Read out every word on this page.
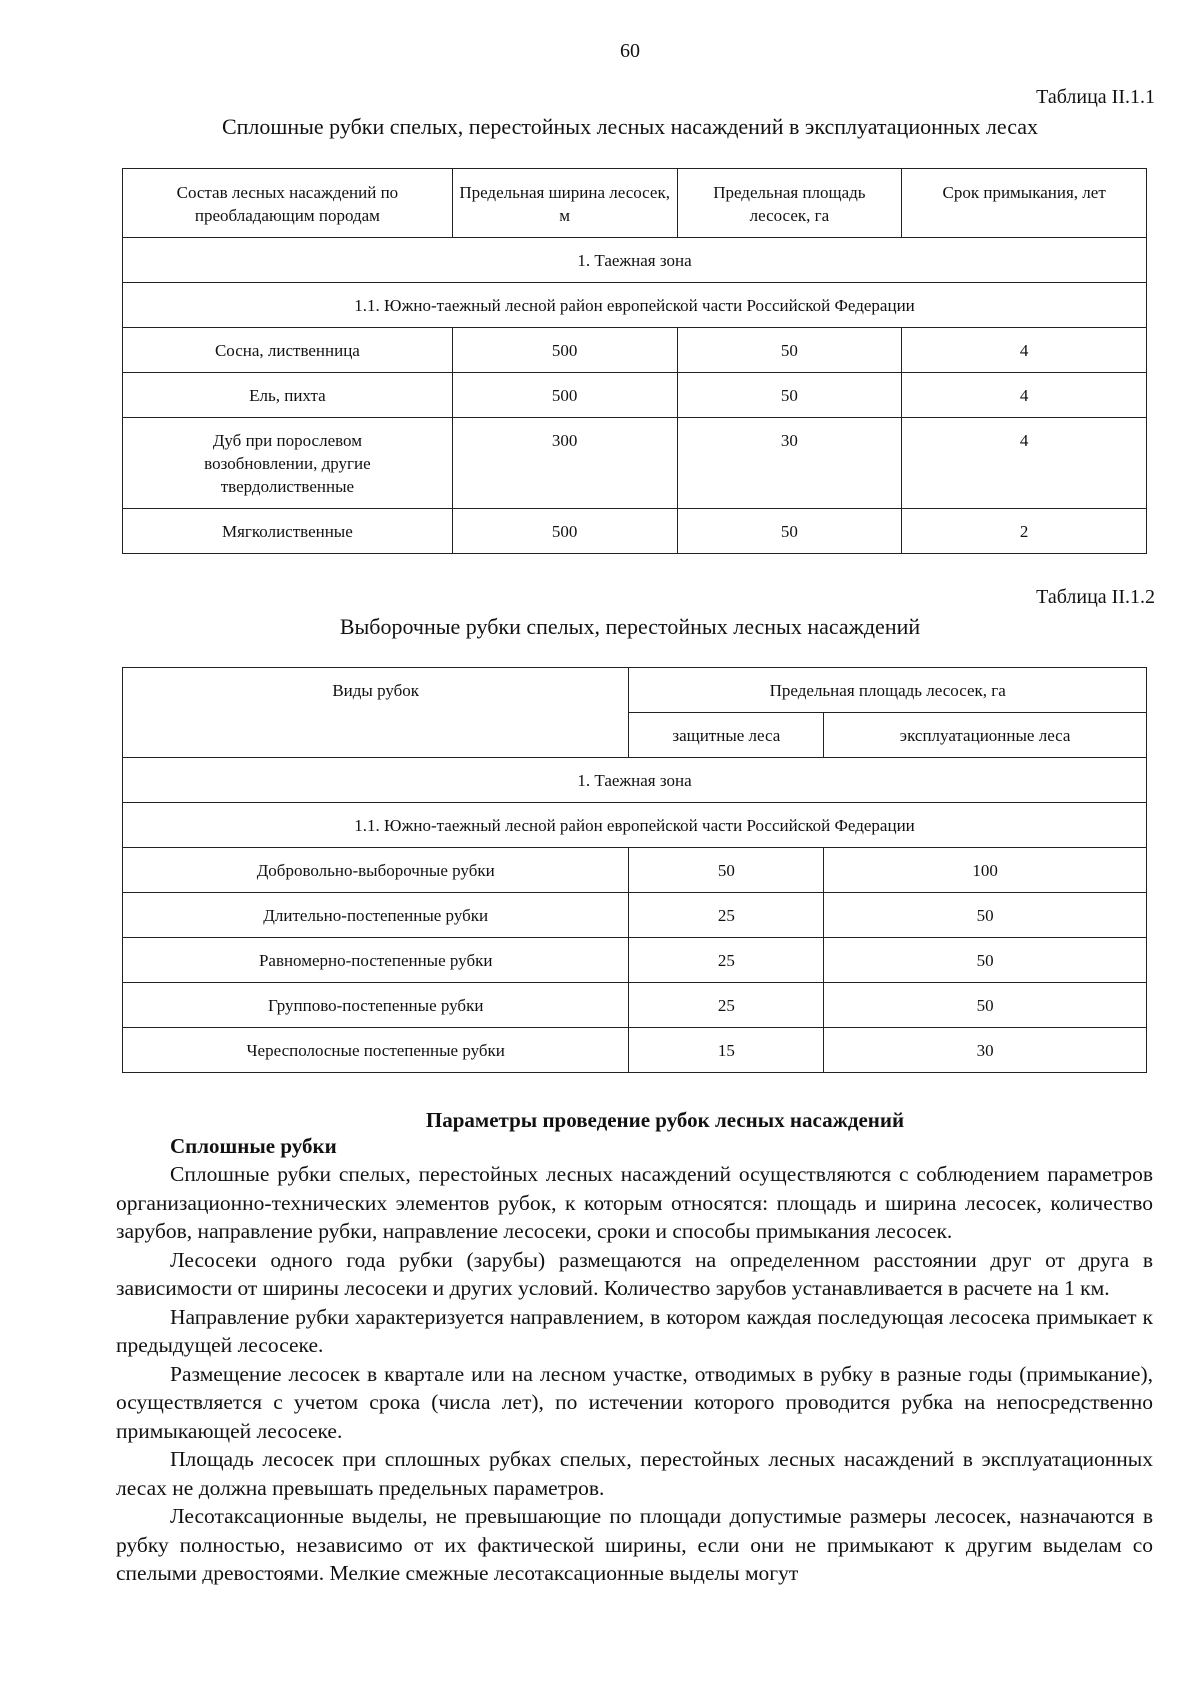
60
Таблица II.1.1
Сплошные рубки спелых, перестойных лесных насаждений в эксплуатационных лесах
Состав лесных насаждений по преобладающим породам	Предельная ширина лесосек, м	Предельная площадь лесосек, га	Срок примыкания, лет
1. Таежная зона			
1.1. Южно-таежный лесной район европейской части Российской Федерации			
Сосна, лиственница	500	50	4
Ель, пихта	500	50	4
Дуб при порослевом возобновлении, другие твердолиственные	300	30	4
Мягколиственные	500	50	2
Таблица II.1.2
Выборочные рубки спелых, перестойных лесных насаждений
Виды рубок	Предельная площадь лесосек, га	
	защитные леса	эксплуатационные леса
1. Таежная зона		
1.1. Южно-таежный лесной район европейской части Российской Федерации		
Добровольно-выборочные рубки	50	100
Длительно-постепенные рубки	25	50
Равномерно-постепенные рубки	25	50
Группово-постепенные рубки	25	50
Чересполосные постепенные рубки	15	30
Параметры проведение рубок лесных насаждений
Сплошные рубки

Сплошные рубки спелых, перестойных лесных насаждений осуществляются с соблюдением параметров организационно-технических элементов рубок, к которым относятся: площадь и ширина лесосек, количество зарубов, направление рубки, направление лесосеки, сроки и способы примыкания лесосек.

Лесосеки одного года рубки (зарубы) размещаются на определенном расстоянии друг от друга в зависимости от ширины лесосеки и других условий. Количество зарубов устанавливается в расчете на 1 км.

Направление рубки характеризуется направлением, в котором каждая последующая лесосека примыкает к предыдущей лесосеке.

Размещение лесосек в квартале или на лесном участке, отводимых в рубку в разные годы (примыкание), осуществляется с учетом срока (числа лет), по истечении которого проводится рубка на непосредственно примыкающей лесосеке.

Площадь лесосек при сплошных рубках спелых, перестойных лесных насаждений в эксплуатационных лесах не должна превышать предельных параметров.

Лесотаксационные выделы, не превышающие по площади допустимые размеры лесосек, назначаются в рубку полностью, независимо от их фактической ширины, если они не примыкают к другим выделам со спелыми древостоями. Мелкие смежные лесотаксационные выделы могут
